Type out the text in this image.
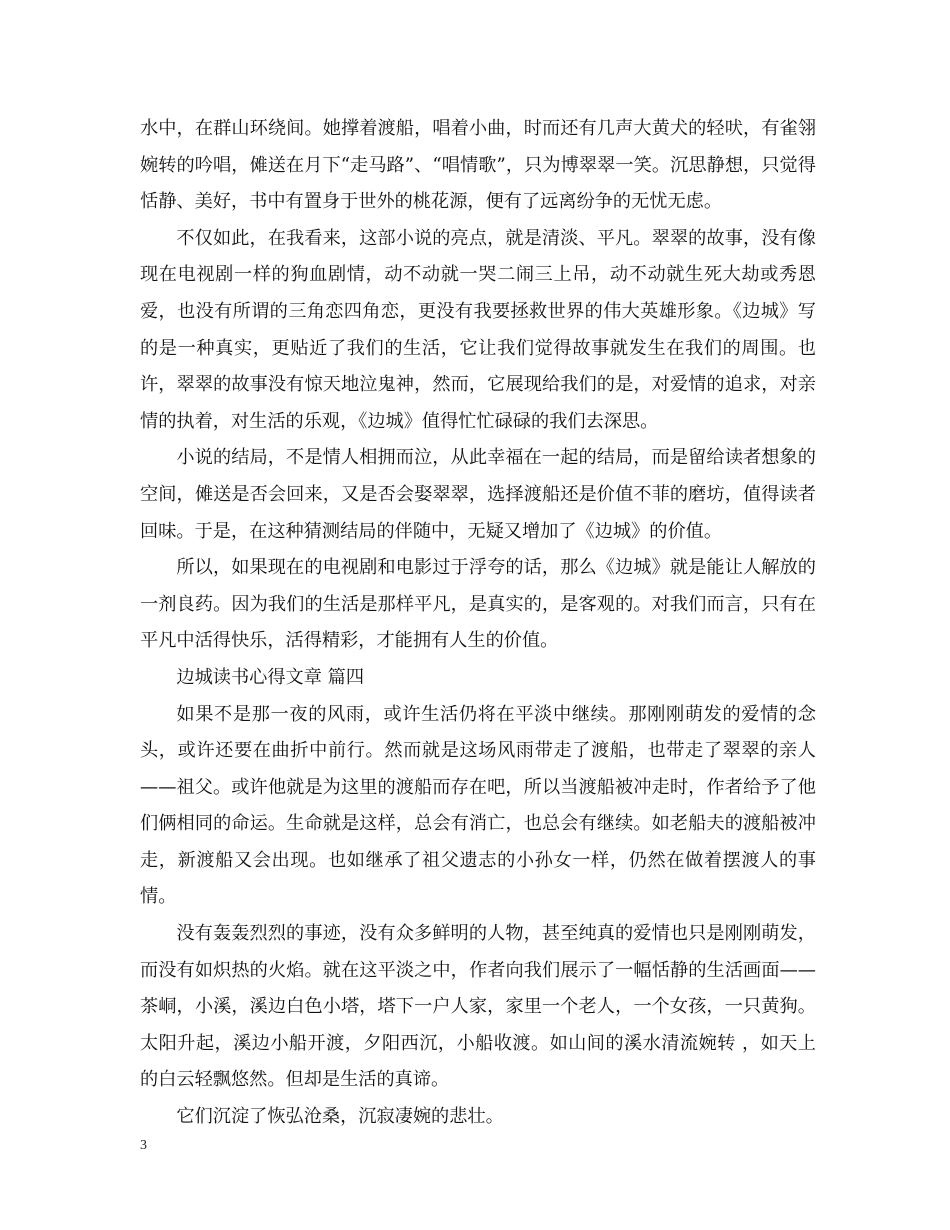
水中，在群山环绕间。她撑着渡船，唱着小曲，时而还有几声大黄犬的轻吠，有雀翎婉转的吟唱，傩送在月下“走马路”、“唱情歌”，只为博翠翠一笑。沉思静想，只觉得恬静、美好，书中有置身于世外的桃花源，便有了远离纷争的无忧无虑。

不仅如此，在我看来，这部小说的亮点，就是清淡、平凡。翠翠的故事，没有像现在电视剧一样的狗血剧情，动不动就一哭二闹三上吊，动不动就生死大劫或秀恩爱，也没有所谓的三角恋四角恋，更没有我要拯救世界的伟大英雄形象。《边城》写的是一种真实，更贴近了我们的生活，它让我们觉得故事就发生在我们的周围。也许，翠翠的故事没有惊天地泣鬼神，然而，它展现给我们的是，对爱情的追求，对亲情的执着，对生活的乐观，《边城》值得忙忙碌碌的我们去深思。

小说的结局，不是情人相拥而泣，从此幸福在一起的结局，而是留给读者想象的空间，傩送是否会回来，又是否会娶翠翠，选择渡船还是价值不菲的磨坊，值得读者回味。于是，在这种猜测结局的伴随中，无疑又增加了《边城》的价值。

所以，如果现在的电视剧和电影过于浮夸的话，那么《边城》就是能让人解放的一剂良药。因为我们的生活是那样平凡，是真实的，是客观的。对我们而言，只有在平凡中活得快乐，活得精彩，才能拥有人生的价值。

边城读书心得文章 篇四

如果不是那一夜的风雨，或许生活仍将在平淡中继续。那刚刚萌发的爱情的念头，或许还要在曲折中前行。然而就是这场风雨带走了渡船，也带走了翠翠的亲人——祖父。或许他就是为这里的渡船而存在吧，所以当渡船被冲走时，作者给予了他们俩相同的命运。生命就是这样，总会有消亡，也总会有继续。如老船夫的渡船被冲走，新渡船又会出现。也如继承了祖父遗志的小孙女一样，仍然在做着摆渡人的事情。

没有轰轰烈烈的事迹，没有众多鲜明的人物，甚至纯真的爱情也只是刚刚萌发，而没有如炽热的火焰。就在这平淡之中，作者向我们展示了一幅恬静的生活画面——茶峒，小溪，溪边白色小塔，塔下一户人家，家里一个老人，一个女孩，一只黄狗。太阳升起，溪边小船开渡，夕阳西沉，小船收渡。如山间的溪水清流婉转 ，如天上的白云轻飘悠然。但却是生活的真谛。

它们沉淀了恢弘沧桑，沉寂凄婉的悲壮。

3
